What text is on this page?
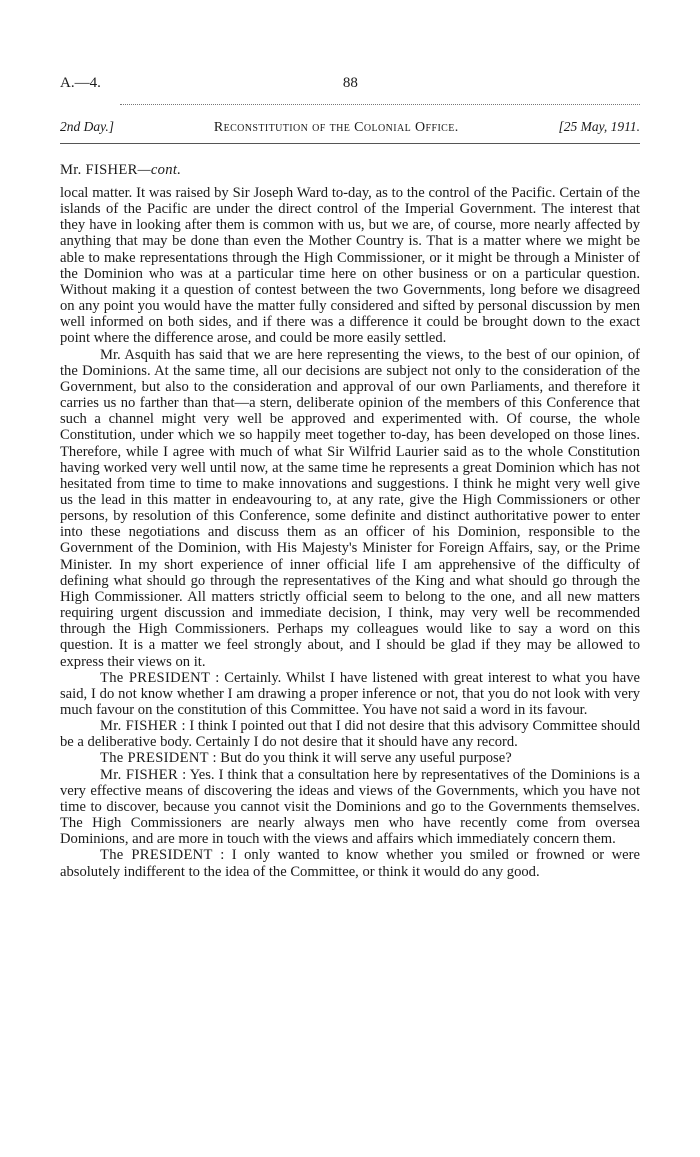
A.—4.	88
2nd Day.]	Reconstitution of the Colonial Office.	[25 May, 1911.
Mr. FISHER—cont.

local matter. It was raised by Sir Joseph Ward to-day, as to the control of the Pacific. Certain of the islands of the Pacific are under the direct control of the Imperial Government. The interest that they have in looking after them is common with us, but we are, of course, more nearly affected by anything that may be done than even the Mother Country is. That is a matter where we might be able to make representations through the High Commissioner, or it might be through a Minister of the Dominion who was at a particular time here on other business or on a particular question. Without making it a question of contest between the two Governments, long before we disagreed on any point you would have the matter fully considered and sifted by personal discussion by men well informed on both sides, and if there was a difference it could be brought down to the exact point where the difference arose, and could be more easily settled.

Mr. Asquith has said that we are here representing the views, to the best of our opinion, of the Dominions. At the same time, all our decisions are subject not only to the consideration of the Government, but also to the consideration and approval of our own Parliaments, and therefore it carries us no farther than that—a stern, deliberate opinion of the members of this Conference that such a channel might very well be approved and experimented with. Of course, the whole Constitution, under which we so happily meet together to-day, has been developed on those lines. Therefore, while I agree with much of what Sir Wilfrid Laurier said as to the whole Constitution having worked very well until now, at the same time he represents a great Dominion which has not hesitated from time to time to make innovations and suggestions. I think he might very well give us the lead in this matter in endeavouring to, at any rate, give the High Commissioners or other persons, by resolution of this Conference, some definite and distinct authoritative power to enter into these negotiations and discuss them as an officer of his Dominion, responsible to the Government of the Dominion, with His Majesty's Minister for Foreign Affairs, say, or the Prime Minister. In my short experience of inner official life I am apprehensive of the difficulty of defining what should go through the representatives of the King and what should go through the High Commissioner. All matters strictly official seem to belong to the one, and all new matters requiring urgent discussion and immediate decision, I think, may very well be recommended through the High Commissioners. Perhaps my colleagues would like to say a word on this question. It is a matter we feel strongly about, and I should be glad if they may be allowed to express their views on it.

The PRESIDENT : Certainly. Whilst I have listened with great interest to what you have said, I do not know whether I am drawing a proper inference or not, that you do not look with very much favour on the constitution of this Committee. You have not said a word in its favour.

Mr. FISHER : I think I pointed out that I did not desire that this advisory Committee should be a deliberative body. Certainly I do not desire that it should have any record.

The PRESIDENT : But do you think it will serve any useful purpose?

Mr. FISHER : Yes. I think that a consultation here by representatives of the Dominions is a very effective means of discovering the ideas and views of the Governments, which you have not time to discover, because you cannot visit the Dominions and go to the Governments themselves. The High Commissioners are nearly always men who have recently come from oversea Dominions, and are more in touch with the views and affairs which immediately concern them.

The PRESIDENT : I only wanted to know whether you smiled or frowned or were absolutely indifferent to the idea of the Committee, or think it would do any good.
